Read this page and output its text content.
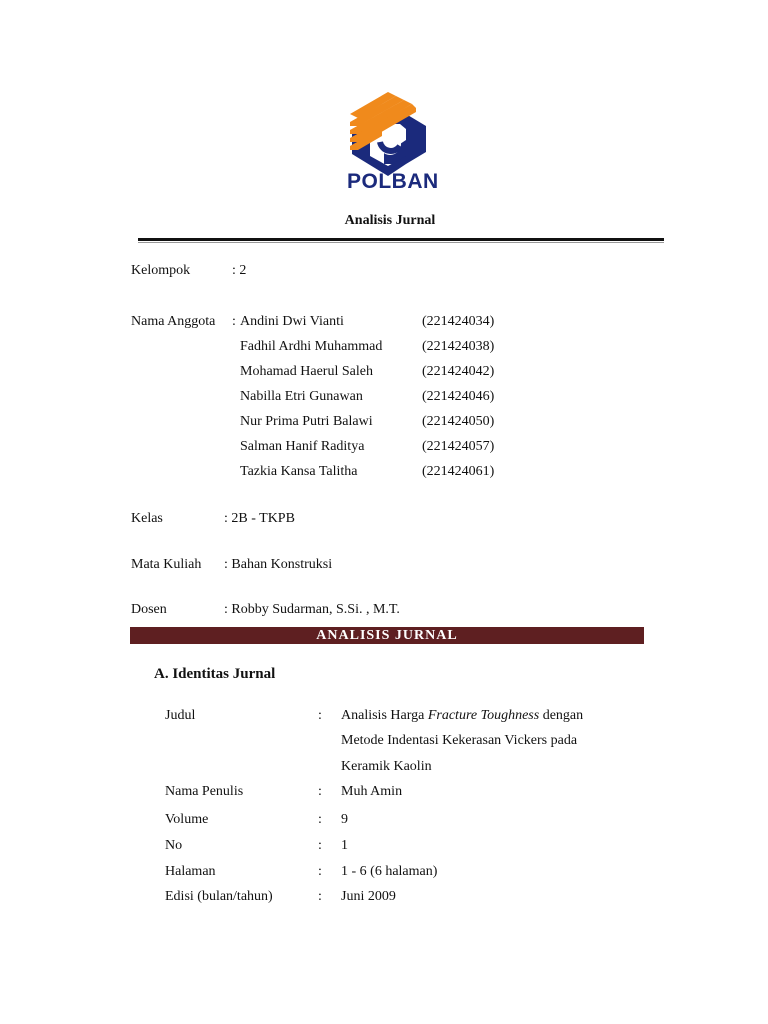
POLBAN
Analisis Jurnal
Kelompok	: 2
Nama Anggota : Andini Dwi Vianti	(221424034)
Fadhil Ardhi Muhammad	(221424038)
Mohamad Haerul Saleh	(221424042)
Nabilla Etri Gunawan	(221424046)
Nur Prima Putri Balawi	(221424050)
Salman Hanif Raditya	(221424057)
Tazkia Kansa Talitha	(221424061)
Kelas	: 2B - TKPB
Mata Kuliah : Bahan Konstruksi
Dosen	: Robby Sudarman, S.Si. , M.T.
ANALISIS JURNAL
A. Identitas Jurnal
Judul	: Analisis Harga Fracture Toughness dengan
Metode Indentasi Kekerasan Vickers pada
Keramik Kaolin
Nama Penulis	: Muh Amin
Volume	: 9
No	: 1
Halaman	: 1 - 6 (6 halaman)
Edisi (bulan/tahun)	: Juni 2009
